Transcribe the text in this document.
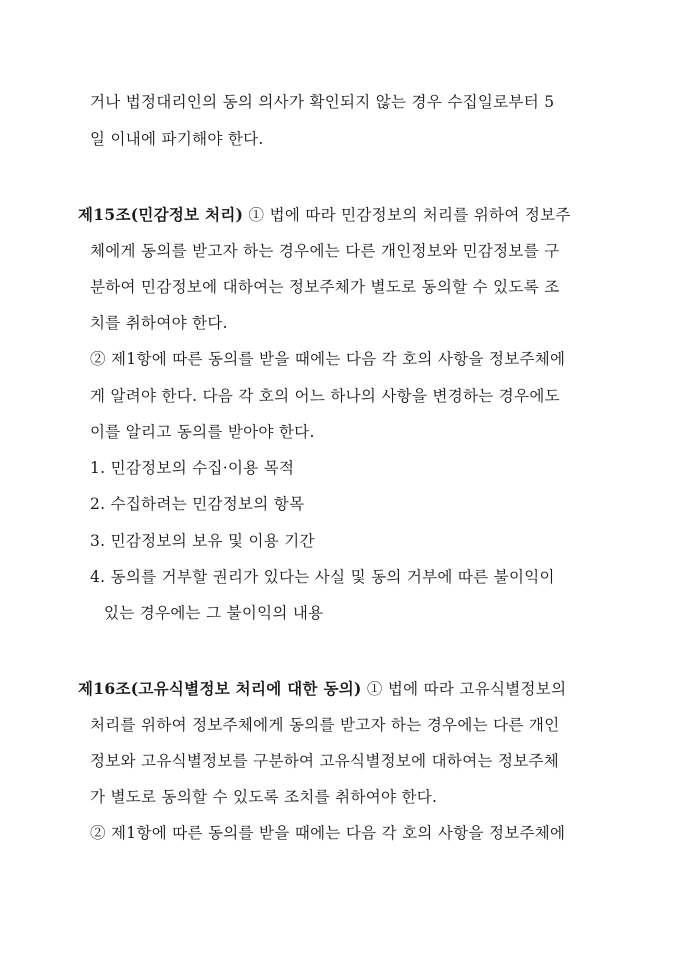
거나 법정대리인의 동의 의사가 확인되지 않는 경우 수집일로부터 5
일 이내에 파기해야 한다.
제15조(민감정보 처리) ① 법에 따라 민감정보의 처리를 위하여 정보주
체에게 동의를 받고자 하는 경우에는 다른 개인정보와 민감정보를 구
분하여 민감정보에 대하여는 정보주체가 별도로 동의할 수 있도록 조
치를 취하여야 한다.
② 제1항에 따른 동의를 받을 때에는 다음 각 호의 사항을 정보주체에
게 알려야 한다. 다음 각 호의 어느 하나의 사항을 변경하는 경우에도
이를 알리고 동의를 받아야 한다.
1. 민감정보의 수집·이용 목적
2. 수집하려는 민감정보의 항목
3. 민감정보의 보유 및 이용 기간
4. 동의를 거부할 권리가 있다는 사실 및 동의 거부에 따른 불이익이
있는 경우에는 그 불이익의 내용
제16조(고유식별정보 처리에 대한 동의) ① 법에 따라 고유식별정보의
처리를 위하여 정보주체에게 동의를 받고자 하는 경우에는 다른 개인
정보와 고유식별정보를 구분하여 고유식별정보에 대하여는 정보주체
가 별도로 동의할 수 있도록 조치를 취하여야 한다.
② 제1항에 따른 동의를 받을 때에는 다음 각 호의 사항을 정보주체에
